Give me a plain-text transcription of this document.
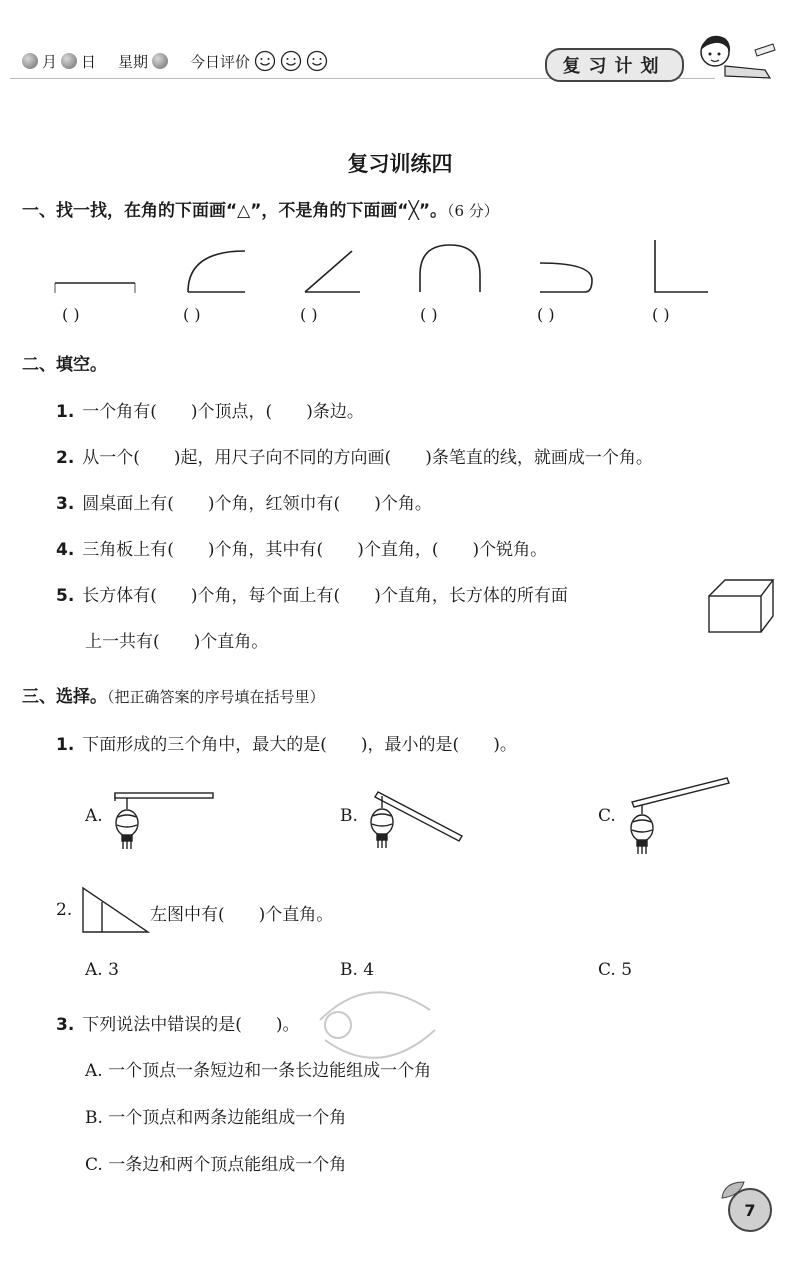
月 日 星期	今日评价	复习计划
复习训练四
一、找一找，在角的下面画“△”，不是角的下面画“╳”。（6 分）
( )	( )	( )	( )	( )	( )
二、填空。
1. 一个角有(　　)个顶点，(　　)条边。
2. 从一个(　　)起，用尺子向不同的方向画(　　)条笔直的线，就画成一个角。
3. 圆桌面上有(　　)个角，红领巾有(　　)个角。
4. 三角板上有(　　)个角，其中有(　　)个直角，(　　)个锐角。
5. 长方体有(　　)个角，每个面上有(　　)个直角，长方体的所有面
上一共有(　　)个直角。
三、选择。（把正确答案的序号填在括号里）
1. 下面形成的三个角中，最大的是(　　)，最小的是(　　)。
A.	B.	C.
2.	左图中有(　　)个直角。
A. 3	B. 4	C. 5
3. 下列说法中错误的是(　　)。
A. 一个顶点一条短边和一条长边能组成一个角
B. 一个顶点和两条边能组成一个角
C. 一条边和两个顶点能组成一个角
7
